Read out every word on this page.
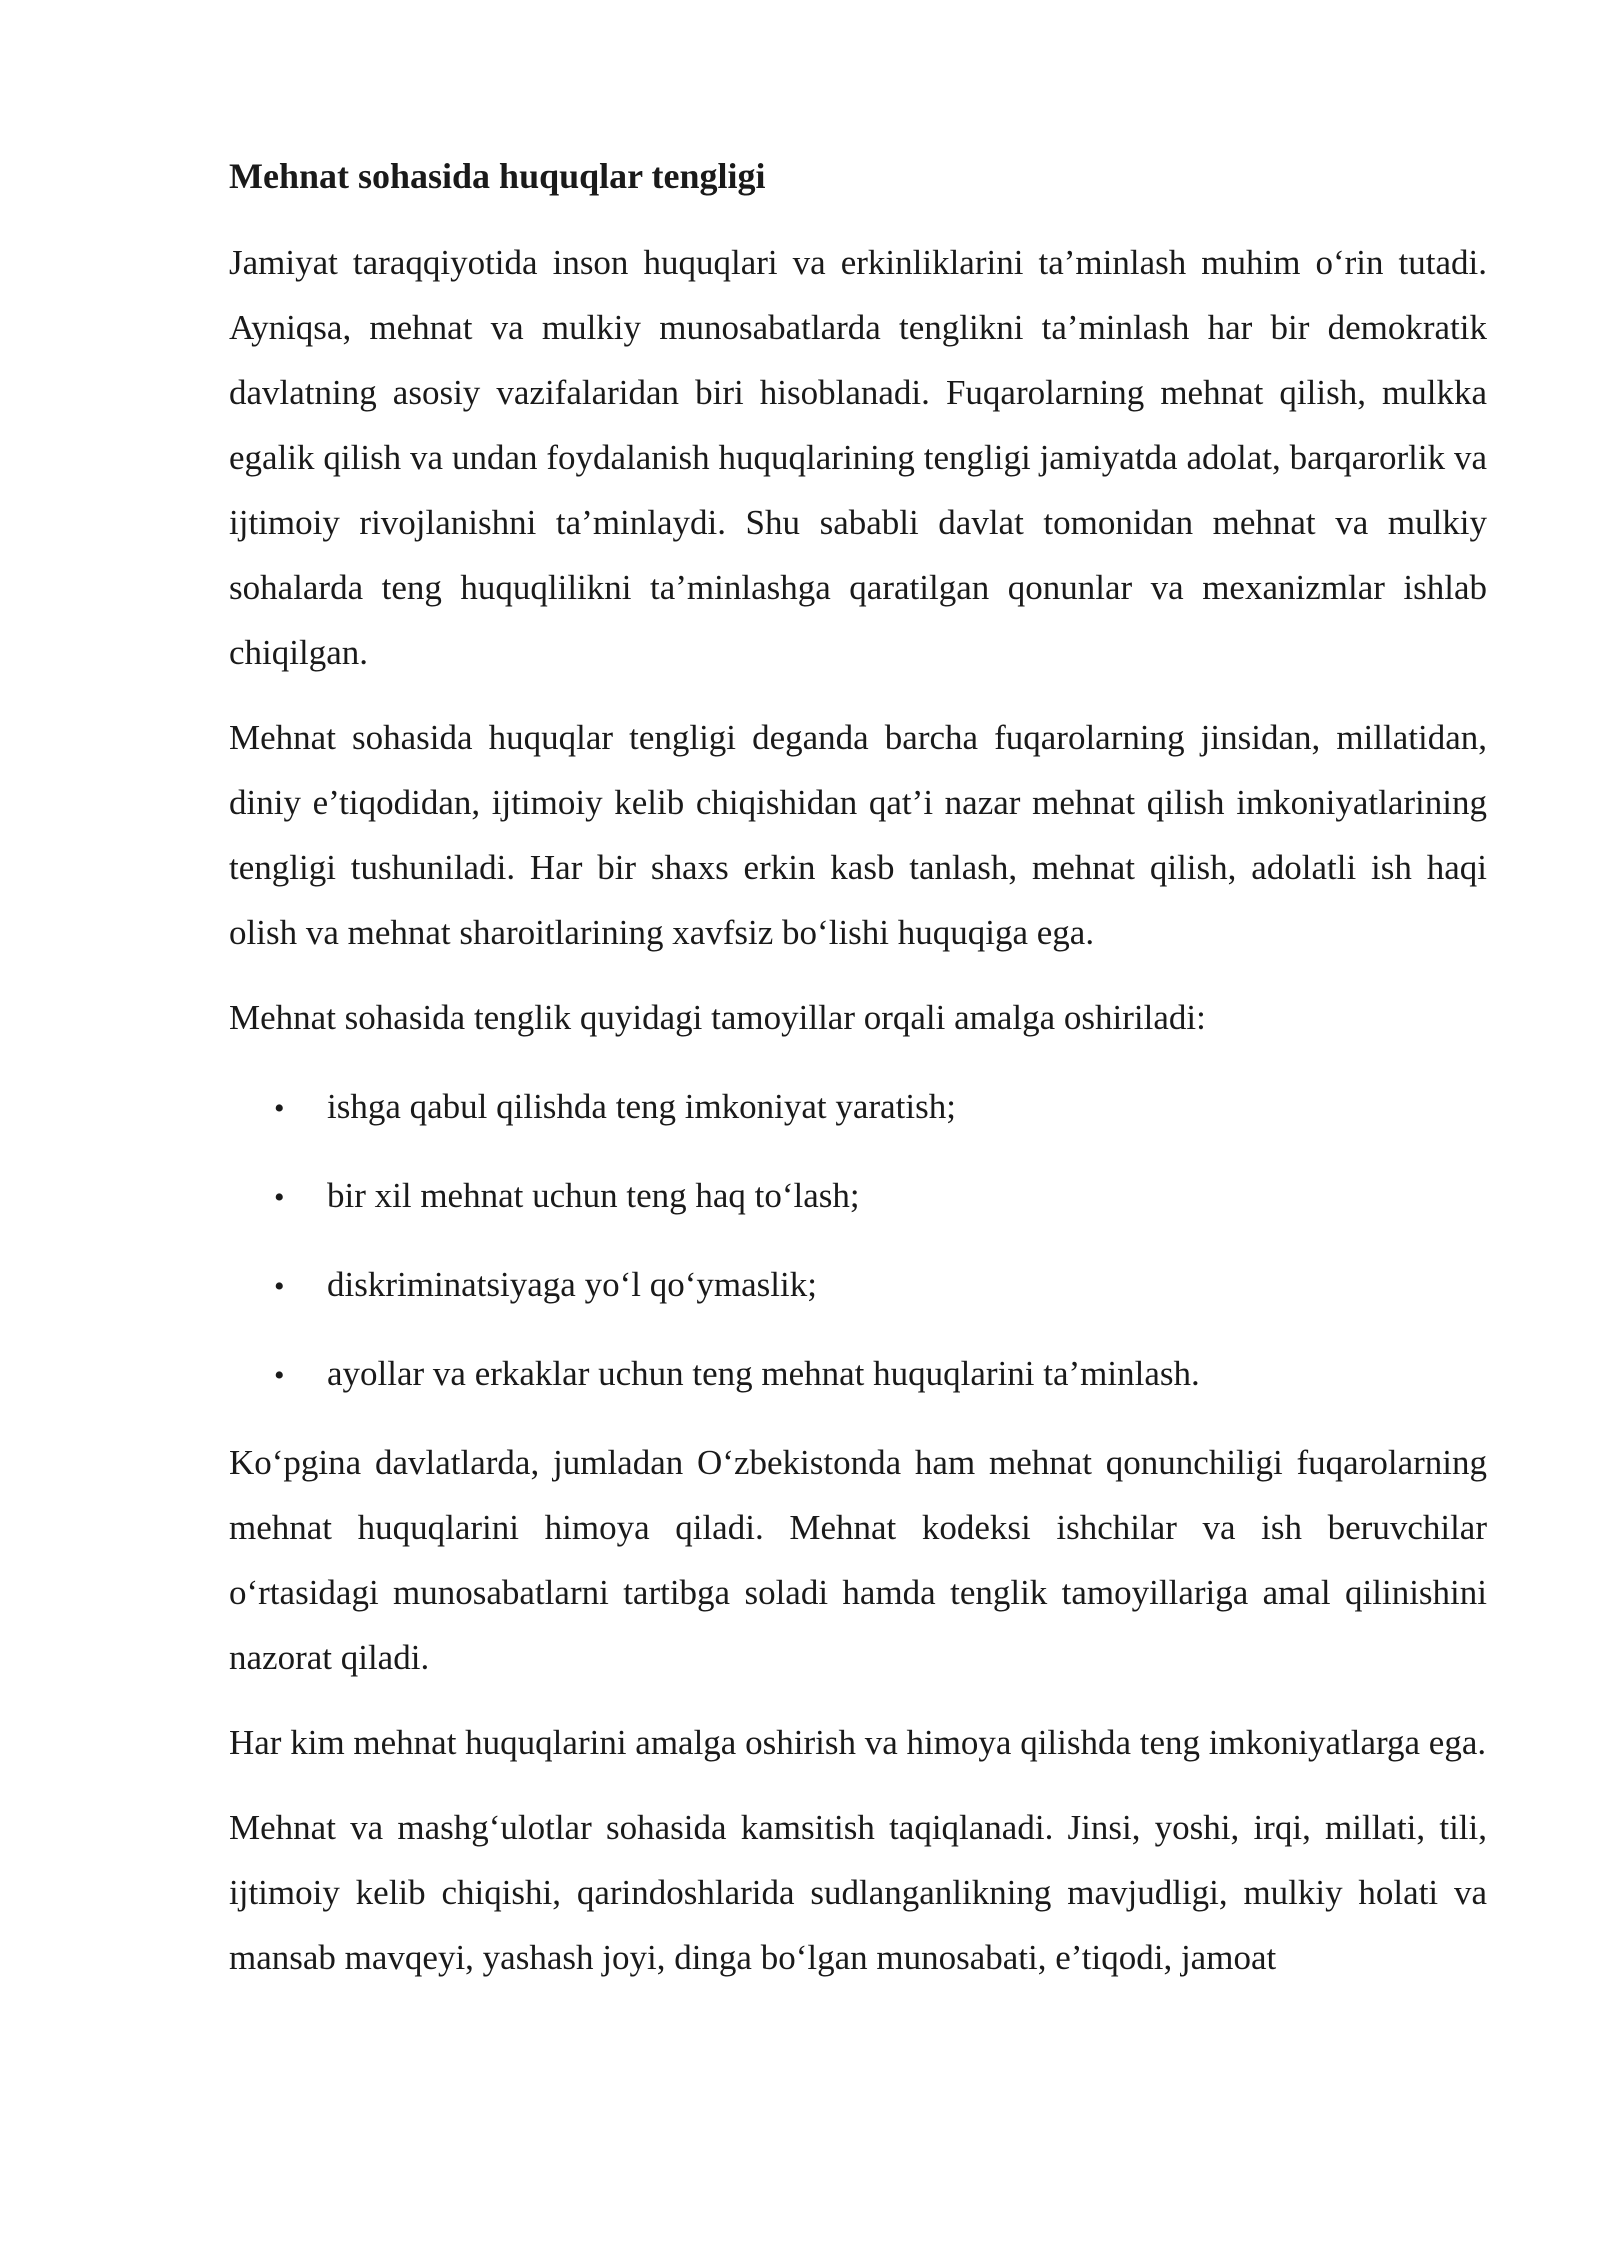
Mehnat sohasida huquqlar tengligi

Jamiyat taraqqiyotida inson huquqlari va erkinliklarini ta’minlash muhim o‘rin tutadi. Ayniqsa, mehnat va mulkiy munosabatlarda tenglikni ta’minlash har bir demokratik davlatning asosiy vazifalaridan biri hisoblanadi. Fuqarolarning mehnat qilish, mulkka egalik qilish va undan foydalanish huquqlarining tengligi jamiyatda adolat, barqarorlik va ijtimoiy rivojlanishni ta’minlaydi. Shu sababli davlat tomonidan mehnat va mulkiy sohalarda teng huquqlilikni ta’minlashga qaratilgan qonunlar va mexanizmlar ishlab chiqilgan.

Mehnat sohasida huquqlar tengligi deganda barcha fuqarolarning jinsidan, millatidan, diniy e’tiqodidan, ijtimoiy kelib chiqishidan qat’i nazar mehnat qilish imkoniyatlarining tengligi tushuniladi. Har bir shaxs erkin kasb tanlash, mehnat qilish, adolatli ish haqi olish va mehnat sharoitlarining xavfsiz bo‘lishi huquqiga ega.

Mehnat sohasida tenglik quyidagi tamoyillar orqali amalga oshiriladi:

•	ishga qabul qilishda teng imkoniyat yaratish;
•	bir xil mehnat uchun teng haq to‘lash;
•	diskriminatsiyaga yo‘l qo‘ymaslik;
•	ayollar va erkaklar uchun teng mehnat huquqlarini ta’minlash.

Ko‘pgina davlatlarda, jumladan O‘zbekistonda ham mehnat qonunchiligi fuqarolarning mehnat huquqlarini himoya qiladi. Mehnat kodeksi ishchilar va ish beruvchilar o‘rtasidagi munosabatlarni tartibga soladi hamda tenglik tamoyillariga amal qilinishini nazorat qiladi.

Har kim mehnat huquqlarini amalga oshirish va himoya qilishda teng imkoniyatlarga ega.

Mehnat va mashg‘ulotlar sohasida kamsitish taqiqlanadi. Jinsi, yoshi, irqi, millati, tili, ijtimoiy kelib chiqishi, qarindoshlarida sudlanganlikning mavjudligi, mulkiy holati va mansab mavqeyi, yashash joyi, dinga bo‘lgan munosabati, e’tiqodi, jamoat
